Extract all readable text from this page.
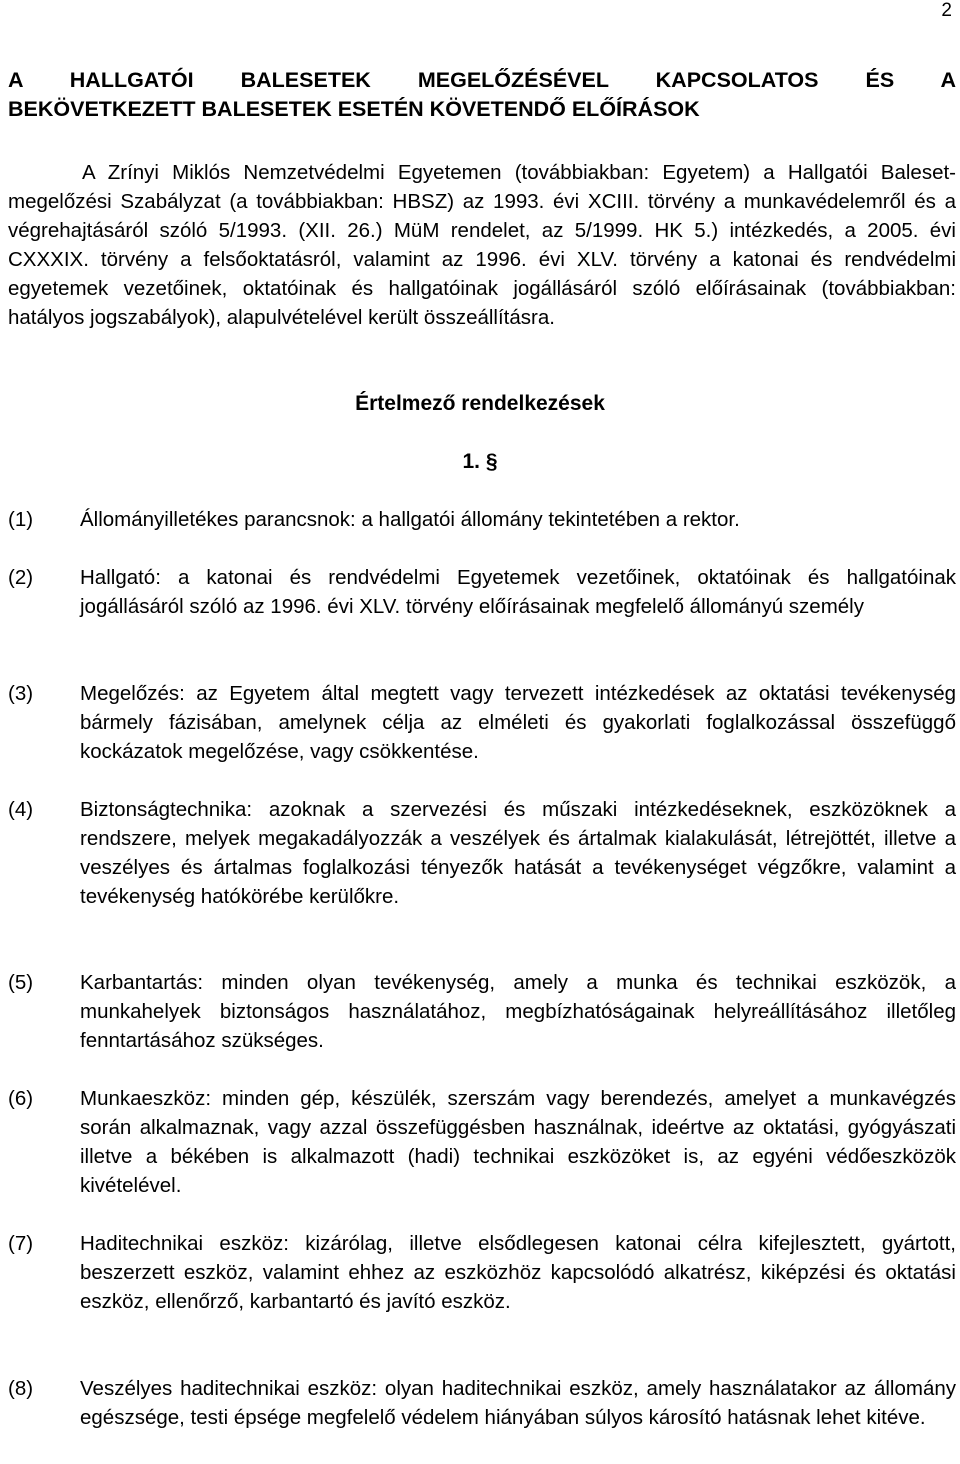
2
A HALLGATÓI BALESETEK MEGELŐZÉSÉVEL KAPCSOLATOS ÉS A
BEKÖVETKEZETT BALESETEK ESETÉN KÖVETENDŐ ELŐÍRÁSOK
A Zrínyi Miklós Nemzetvédelmi Egyetemen (továbbiakban: Egyetem) a Hallgatói Baleset-megelőzési Szabályzat (a továbbiakban: HBSZ) az 1993. évi XCIII. törvény a munkavédelemről és a végrehajtásáról szóló 5/1993. (XII. 26.) MüM rendelet, az 5/1999. HK 5.) intézkedés, a 2005. évi CXXXIX. törvény a felsőoktatásról, valamint az 1996. évi XLV. törvény a katonai és rendvédelmi egyetemek vezetőinek, oktatóinak és hallgatóinak jogállásáról szóló előírásainak (továbbiakban: hatályos jogszabályok), alapulvételével került összeállításra.
Értelmező rendelkezések
1. §
(1) Állományilletékes parancsnok: a hallgatói állomány tekintetében a rektor.
(2) Hallgató: a katonai és rendvédelmi Egyetemek vezetőinek, oktatóinak és hallgatóinak jogállásáról szóló az 1996. évi XLV. törvény előírásainak megfelelő állományú személy
(3) Megelőzés: az Egyetem által megtett vagy tervezett intézkedések az oktatási tevékenység bármely fázisában, amelynek célja az elméleti és gyakorlati foglalkozással összefüggő kockázatok megelőzése, vagy csökkentése.
(4) Biztonságtechnika: azoknak a szervezési és műszaki intézkedéseknek, eszközöknek a rendszere, melyek megakadályozzák a veszélyek és ártalmak kialakulását, létrejöttét, illetve a veszélyes és ártalmas foglalkozási tényezők hatását a tevékenységet végzőkre, valamint a tevékenység hatókörébe kerülőkre.
(5) Karbantartás: minden olyan tevékenység, amely a munka és technikai eszközök, a munkahelyek biztonságos használatához, megbízhatóságainak helyreállításához illetőleg fenntartásához szükséges.
(6) Munkaeszköz: minden gép, készülék, szerszám vagy berendezés, amelyet a munkavégzés során alkalmaznak, vagy azzal összefüggésben használnak, ideértve az oktatási, gyógyászati illetve a békében is alkalmazott (hadi) technikai eszközöket is, az egyéni védőeszközök kivételével.
(7) Haditechnikai eszköz: kizárólag, illetve elsődlegesen katonai célra kifejlesztett, gyártott, beszerzett eszköz, valamint ehhez az eszközhöz kapcsolódó alkatrész, kiképzési és oktatási eszköz, ellenőrző, karbantartó és javító eszköz.
(8) Veszélyes haditechnikai eszköz: olyan haditechnikai eszköz, amely használatakor az állomány egészsége, testi épsége megfelelő védelem hiányában súlyos károsító hatásnak lehet kitéve.
